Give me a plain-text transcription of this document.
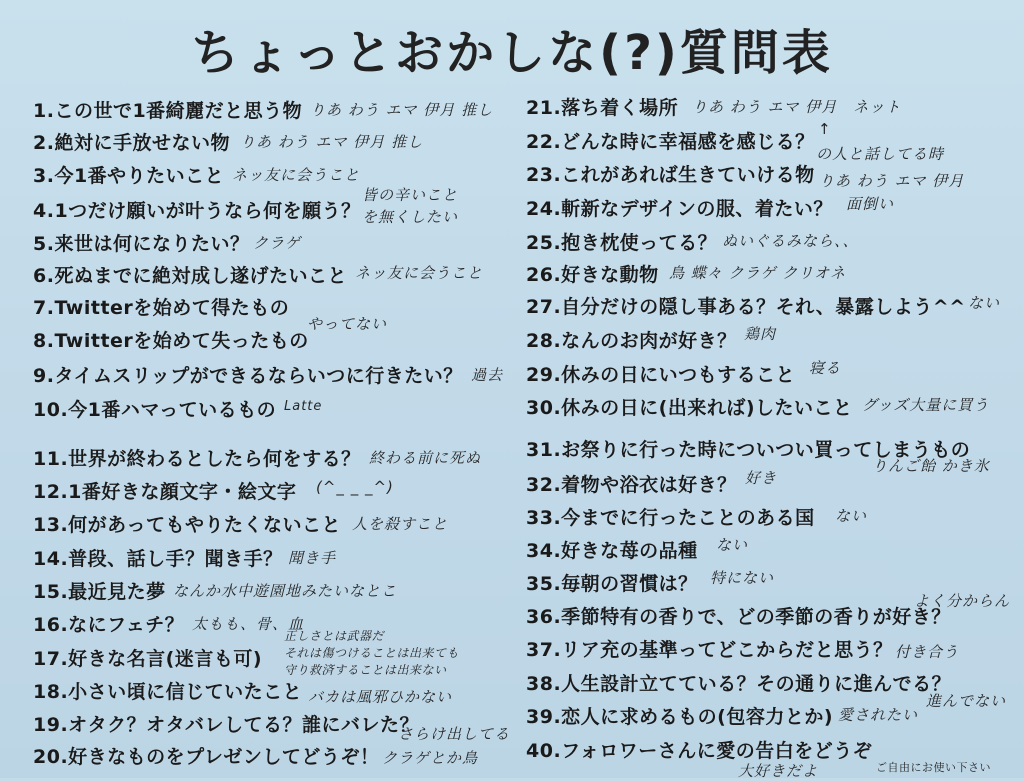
ちょっとおかしな(?)質問表
1.この世で1番綺麗だと思う物
2.絶対に手放せない物
3.今1番やりたいこと
4.1つだけ願いが叶うなら何を願う？
5.来世は何になりたい？
6.死ぬまでに絶対成し遂げたいこと
7.Twitterを始めて得たもの
8.Twitterを始めて失ったもの
9.タイムスリップができるならいつに行きたい？
10.今1番ハマっているもの
11.世界が終わるとしたら何をする？
12.1番好きな顔文字・絵文字
13.何があってもやりたくないこと
14.普段、話し手？聞き手？
15.最近見た夢
16.なにフェチ？
17.好きな名言(迷言も可)
18.小さい頃に信じていたこと
19.オタク？オタバレしてる？誰にバレた？
20.好きなものをプレゼンしてどうぞ！
21.落ち着く場所
22.どんな時に幸福感を感じる？
23.これがあれば生きていける物
24.斬新なデザインの服、着たい？
25.抱き枕使ってる？
26.好きな動物
27.自分だけの隠し事ある？それ、暴露しよう^^
28.なんのお肉が好き？
29.休みの日にいつもすること
30.休みの日に(出来れば)したいこと
31.お祭りに行った時についつい買ってしまうもの
32.着物や浴衣は好き？
33.今までに行ったことのある国
34.好きな苺の品種
35.毎朝の習慣は？
36.季節特有の香りで、どの季節の香りが好き？
37.リア充の基準ってどこからだと思う？
38.人生設計立てている？その通りに進んでる？
39.恋人に求めるもの(包容力とか)
40.フォロワーさんに愛の告白をどうぞ
りあ わう エマ 伊月 推し
りあ わう エマ 伊月 推し
ネッ友に会うこと
皆の辛いこと
を無くしたい
クラゲ
ネッ友に会うこと
やってない
過去
Latte
終わる前に死ぬ
(^_ _ _^)
人を殺すこと
聞き手
なんか水中遊園地みたいなとこ
太もも、骨、血
正しさとは武器だ
それは傷つけることは出来ても
守り救済することは出来ない
バカは風邪ひかない
さらけ出してる
クラゲとか鳥
りあ わう エマ 伊月　ネット
↑
の人と話してる時
りあ わう エマ 伊月
面倒い
ぬいぐるみなら、、
鳥 蝶々 クラゲ クリオネ
ない
鶏肉
寝る
グッズ大量に買う
りんご飴 かき氷
好き
ない
ない
特にない
よく分からん
付き合う
進んでない
愛されたい
大好きだよ	ご自由にお使い下さい
